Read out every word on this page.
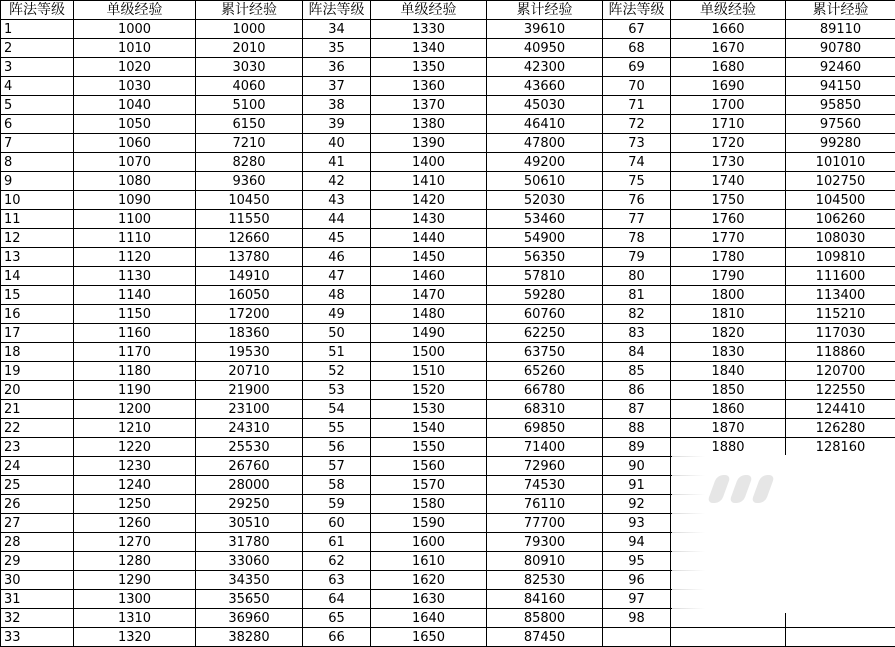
阵法等级	单级经验	累计经验	阵法等级	单级经验	累计经验	阵法等级	单级经验	累计经验
1	1000	1000	34	1330	39610	67	1660	89110
2	1010	2010	35	1340	40950	68	1670	90780
3	1020	3030	36	1350	42300	69	1680	92460
4	1030	4060	37	1360	43660	70	1690	94150
5	1040	5100	38	1370	45030	71	1700	95850
6	1050	6150	39	1380	46410	72	1710	97560
7	1060	7210	40	1390	47800	73	1720	99280
8	1070	8280	41	1400	49200	74	1730	101010
9	1080	9360	42	1410	50610	75	1740	102750
10	1090	10450	43	1420	52030	76	1750	104500
11	1100	11550	44	1430	53460	77	1760	106260
12	1110	12660	45	1440	54900	78	1770	108030
13	1120	13780	46	1450	56350	79	1780	109810
14	1130	14910	47	1460	57810	80	1790	111600
15	1140	16050	48	1470	59280	81	1800	113400
16	1150	17200	49	1480	60760	82	1810	115210
17	1160	18360	50	1490	62250	83	1820	117030
18	1170	19530	51	1500	63750	84	1830	118860
19	1180	20710	52	1510	65260	85	1840	120700
20	1190	21900	53	1520	66780	86	1850	122550
21	1200	23100	54	1530	68310	87	1860	124410
22	1210	24310	55	1540	69850	88	1870	126280
23	1220	25530	56	1550	71400	89	1880	128160
24	1230	26760	57	1560	72960	90		
25	1240	28000	58	1570	74530	91		
26	1250	29250	59	1580	76110	92		
27	1260	30510	60	1590	77700	93		
28	1270	31780	61	1600	79300	94		
29	1280	33060	62	1610	80910	95		
30	1290	34350	63	1620	82530	96		
31	1300	35650	64	1630	84160	97		
32	1310	36960	65	1640	85800	98		
33	1320	38280	66	1650	87450			
